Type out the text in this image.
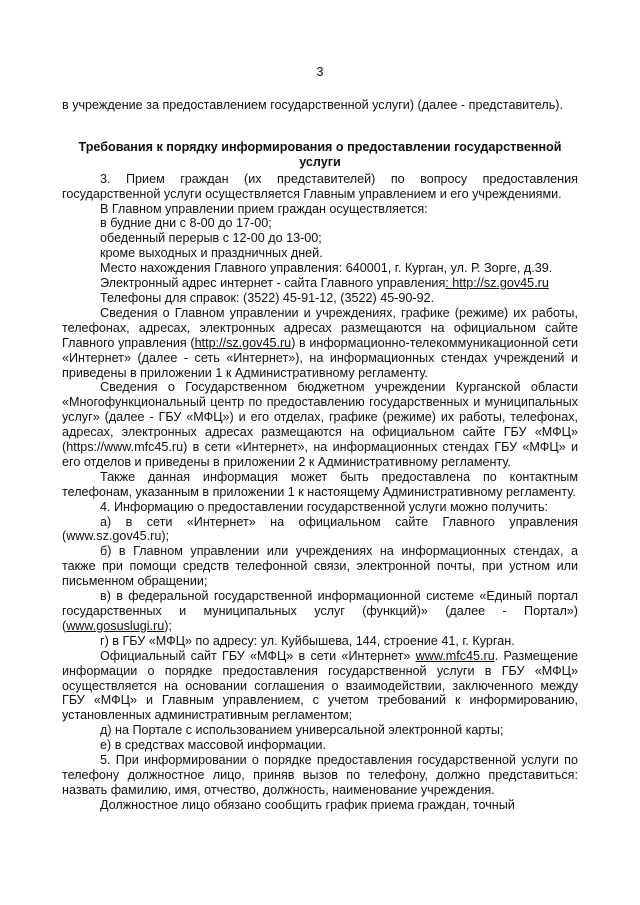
3

в учреждение за предоставлением государственной услуги) (далее - представитель).

Требования к порядку информирования о предоставлении государственной услуги

3. Прием граждан (их представителей) по вопросу предоставления государственной услуги осуществляется Главным управлением и его учреждениями.

В Главном управлении прием граждан осуществляется:

в будние дни с 8-00 до 17-00;

обеденный перерыв с 12-00 до 13-00;

кроме выходных и праздничных дней.

Место нахождения Главного управления: 640001, г. Курган, ул. Р. Зорге, д.39.

Электронный адрес интернет - сайта Главного управления: http://sz.gov45.ru

Телефоны для справок: (3522) 45-91-12, (3522) 45-90-92.

Сведения о Главном управлении и учреждениях, графике (режиме) их работы, телефонах, адресах, электронных адресах размещаются на официальном сайте Главного управления (http://sz.gov45.ru) в информационно-телекоммуникационной сети «Интернет» (далее - сеть «Интернет»), на информационных стендах учреждений и приведены в приложении 1 к Административному регламенту.

Сведения о Государственном бюджетном учреждении Курганской области «Многофункциональный центр по предоставлению государственных и муниципальных услуг» (далее - ГБУ «МФЦ») и его отделах, графике (режиме) их работы, телефонах, адресах, электронных адресах размещаются на официальном сайте ГБУ «МФЦ» (https://www.mfc45.ru) в сети «Интернет», на информационных стендах ГБУ «МФЦ» и его отделов и приведены в приложении 2 к Административному регламенту.

Также данная информация может быть предоставлена по контактным телефонам, указанным в приложении 1 к настоящему Административному регламенту.

4. Информацию о предоставлении государственной услуги можно получить:

а) в сети «Интернет» на официальном сайте Главного управления (www.sz.gov45.ru);

б) в Главном управлении или учреждениях на информационных стендах, а также при помощи средств телефонной связи, электронной почты, при устном или письменном обращении;

в) в федеральной государственной информационной системе «Единый портал государственных и муниципальных услуг (функций)» (далее - Портал») (www.gosuslugi.ru);

г) в ГБУ «МФЦ» по адресу: ул. Куйбышева, 144, строение 41, г. Курган.

Официальный сайт ГБУ «МФЦ» в сети «Интернет» www.mfc45.ru. Размещение информации о порядке предоставления государственной услуги в ГБУ «МФЦ» осуществляется на основании соглашения о взаимодействии, заключенного между ГБУ «МФЦ» и Главным управлением, с учетом требований к информированию, установленных административным регламентом;

д) на Портале с использованием универсальной электронной карты;

е) в средствах массовой информации.

5. При информировании о порядке предоставления государственной услуги по телефону должностное лицо, приняв вызов по телефону, должно представиться: назвать фамилию, имя, отчество, должность, наименование учреждения.

Должностное лицо обязано сообщить график приема граждан, точный
